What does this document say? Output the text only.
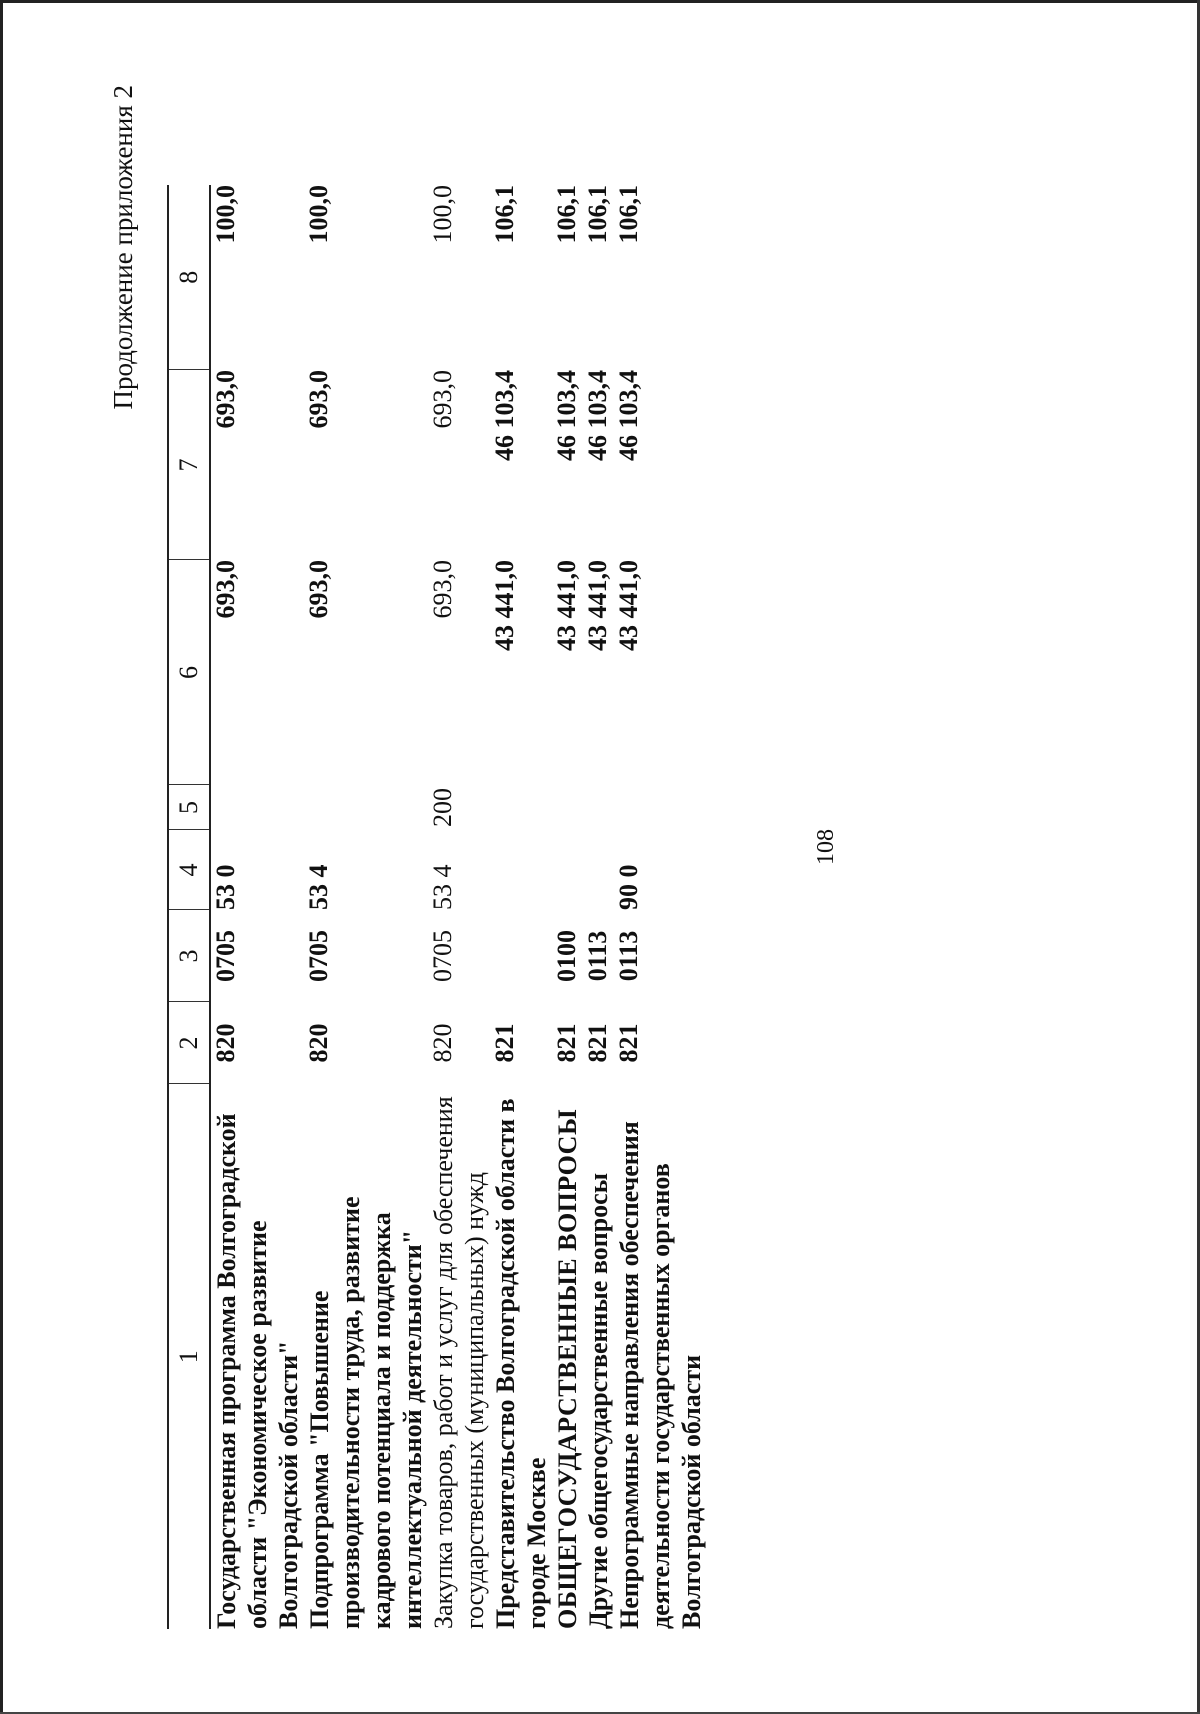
108
Продолжение приложения 2
1	2	3	4	5	6	7	8
Государственная программа Волгоградской области "Экономическое развитие Волгоградской области"	820	0705	53 0		693,0	693,0	100,0
Подпрограмма "Повышение производительности труда, развитие кадрового потенциала и поддержка интеллектуальной деятельности"	820	0705	53 4		693,0	693,0	100,0
Закупка товаров, работ и услуг для обеспечения государственных (муниципальных) нужд	820	0705	53 4	200	693,0	693,0	100,0
Представительство Волгоградской области в городе Москве	821				43 441,0	46 103,4	106,1
ОБЩЕГОСУДАРСТВЕННЫЕ ВОПРОСЫ	821	0100			43 441,0	46 103,4	106,1
Другие общегосударственные вопросы	821	0113			43 441,0	46 103,4	106,1
Непрограммные направления обеспечения деятельности государственных органов Волгоградской области	821	0113	90 0		43 441,0	46 103,4	106,1
